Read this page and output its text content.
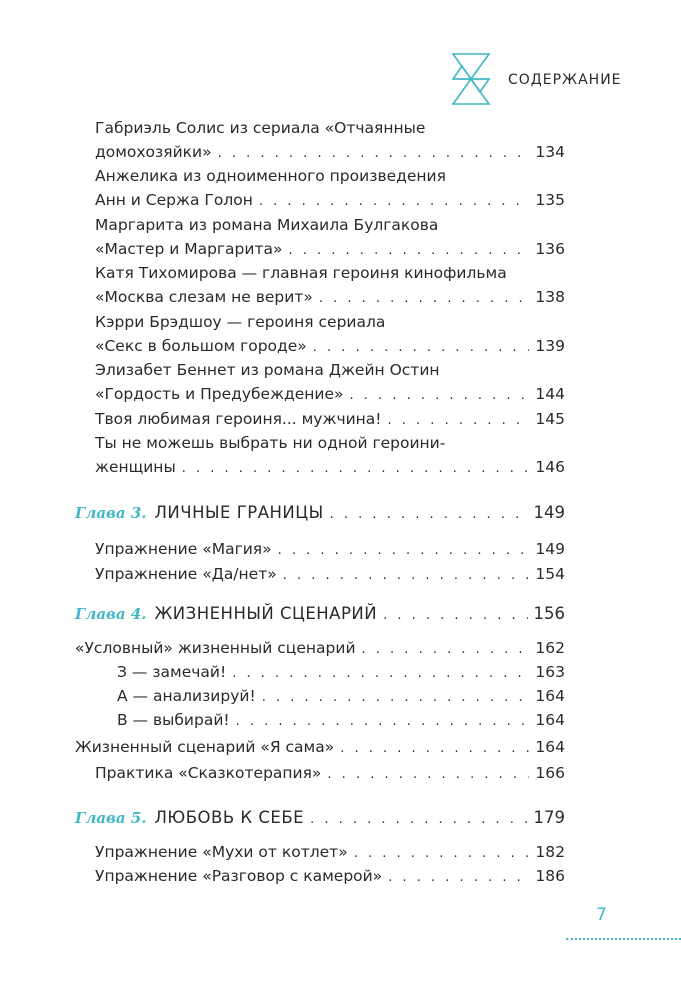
СОДЕРЖАНИЕ
Габриэль Солис из сериала «Отчаянные
домохозяйки» . . .	134
Анжелика из одноименного произведения
Анн и Сержа Голон . . .	135
Маргарита из романа Михаила Булгакова
«Мастер и Маргарита» . . .	136
Катя Тихомирова — главная героиня кинофильма
«Москва слезам не верит» . . .	138
Кэрри Брэдшоу — героиня сериала
«Секс в большом городе» . . .	139
Элизабет Беннет из романа Джейн Остин
«Гордость и Предубеждение» . . .	144
Твоя любимая героиня... мужчина! . . .	145
Ты не можешь выбрать ни одной героини-
женщины . . .	146
Глава 3. ЛИЧНЫЕ ГРАНИЦЫ . . .	149
Упражнение «Магия» . . .	149
Упражнение «Да/нет» . . .	154
Глава 4. ЖИЗНЕННЫЙ СЦЕНАРИЙ . . .	156
«Условный» жизненный сценарий . . .	162
З — замечай! . . .	163
А — анализируй! . . .	164
В — выбирай! . . .	164
Жизненный сценарий «Я сама» . . .	164
Практика «Сказкотерапия» . . .	166
Глава 5. ЛЮБОВЬ К СЕБЕ . . .	179
Упражнение «Мухи от котлет» . . .	182
Упражнение «Разговор с камерой» . . .	186
7
